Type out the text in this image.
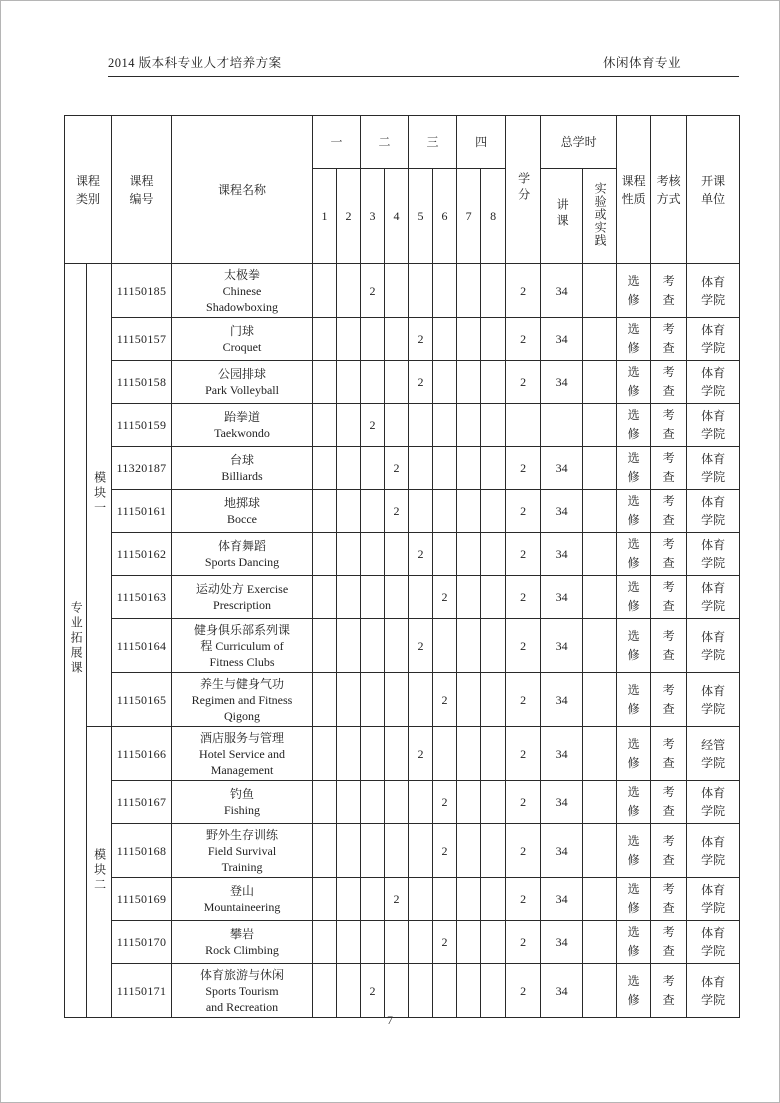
2014 版本科专业人才培养方案	休闲体育专业
课程类别		课程编号	课程名称	一		二		三		四		学分	总学时		课程性质	考核方式	开课单位
				1	2	3	4	5	6	7	8		讲课	实验或实践			
专业拓展课	模块一	11150185	太极拳
Chinese
Shadowboxing			2						2	34		选修	考查	体育学院
		11150157	门球
Croquet					2				2	34		选修	考查	体育学院
		11150158	公园排球
Park Volleyball					2				2	34		选修	考查	体育学院
		11150159	跆拳道
Taekwondo			2									选修	考查	体育学院
		11320187	台球
Billiards				2					2	34		选修	考查	体育学院
		11150161	地掷球
Bocce				2					2	34		选修	考查	体育学院
		11150162	体育舞蹈
Sports Dancing					2				2	34		选修	考查	体育学院
		11150163	运动处方 Exercise
Prescription						2			2	34		选修	考查	体育学院
		11150164	健身俱乐部系列课
程 Curriculum of
Fitness Clubs					2				2	34		选修	考查	体育学院
		11150165	养生与健身气功
Regimen and Fitness
Qigong						2			2	34		选修	考查	体育学院
	模块二	11150166	酒店服务与管理
Hotel Service and
Management					2				2	34		选修	考查	经管学院
		11150167	钓鱼
Fishing						2			2	34		选修	考查	体育学院
		11150168	野外生存训练
Field Survival
Training						2			2	34		选修	考查	体育学院
		11150169	登山
Mountaineering				2					2	34		选修	考查	体育学院
		11150170	攀岩
Rock Climbing						2			2	34		选修	考查	体育学院
		11150171	体育旅游与休闲
Sports Tourism
and Recreation			2						2	34		选修	考查	体育学院
7
